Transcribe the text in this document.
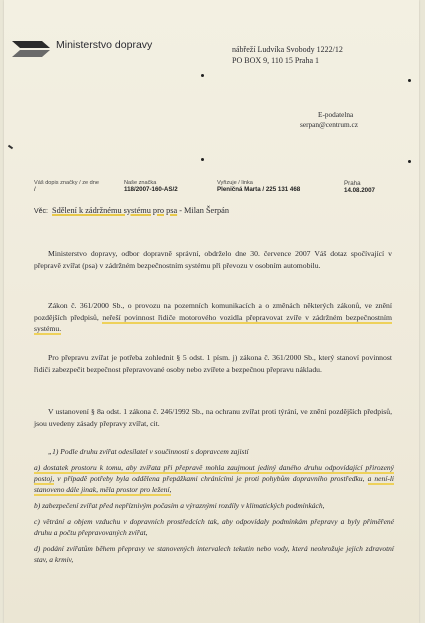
Ministerstvo dopravy	nábřeží Ludvíka Svobody 1222/12
PO BOX 9, 110 15 Praha 1
E-podatelna
serpan@centrum.cz
Váš dopis značky / ze dne
/
Naše značka
118/2007-160-AS/2
Vyřizuje / linka
Pleničná Marta / 225 131 468
Praha
14.08.2007
Věc: Sdělení k zádržnému systému pro psa - Milan Šerpán
Ministerstvo dopravy, odbor dopravně správní, obdrželo dne 30. července 2007 Váš dotaz spočívající v přepravě zvířat (psa) v zádržném bezpečnostním systému při převozu v osobním automobilu.
Zákon č. 361/2000 Sb., o provozu na pozemních komunikacích a o změnách některých zákonů, ve znění pozdějších předpisů, neřeší povinnost řidiče motorového vozidla přepravovat zvíře v zádržném bezpečnostním systému.
Pro přepravu zvířat je potřeba zohlednit § 5 odst. 1 písm. j) zákona č. 361/2000 Sb., který stanoví povinnost řidiči zabezpečit bezpečnost přepravované osoby nebo zvířete a bezpečnou přepravu nákladu.
V ustanovení § 8a odst. 1 zákona č. 246/1992 Sb., na ochranu zvířat proti týrání, ve znění pozdějších předpisů, jsou uvedeny zásady přepravy zvířat, cit.

„1) Podle druhu zvířat odesílatel v součinnosti s dopravcem zajistí

a) dostatek prostoru k tomu, aby zvířata při přepravě mohla zaujmout jediný daného druhu odpovídající přirozený postoj, v případě potřeby byla oddělena přepážkami chránícími je proti pohybům dopravního prostředku, a není-li stanoveno dále jinak, měla prostor pro ležení,

b) zabezpečení zvířat před nepříznivým počasím a výraznými rozdíly v klimatických podmínkách,

c) větrání a objem vzduchu v dopravních prostředcích tak, aby odpovídaly podmínkám přepravy a byly přiměřené druhu a počtu přepravovaných zvířat,

d) podání zvířatům během přepravy ve stanovených intervalech tekutin nebo vody, která neohrožuje jejich zdravotní stav, a krmiv,
